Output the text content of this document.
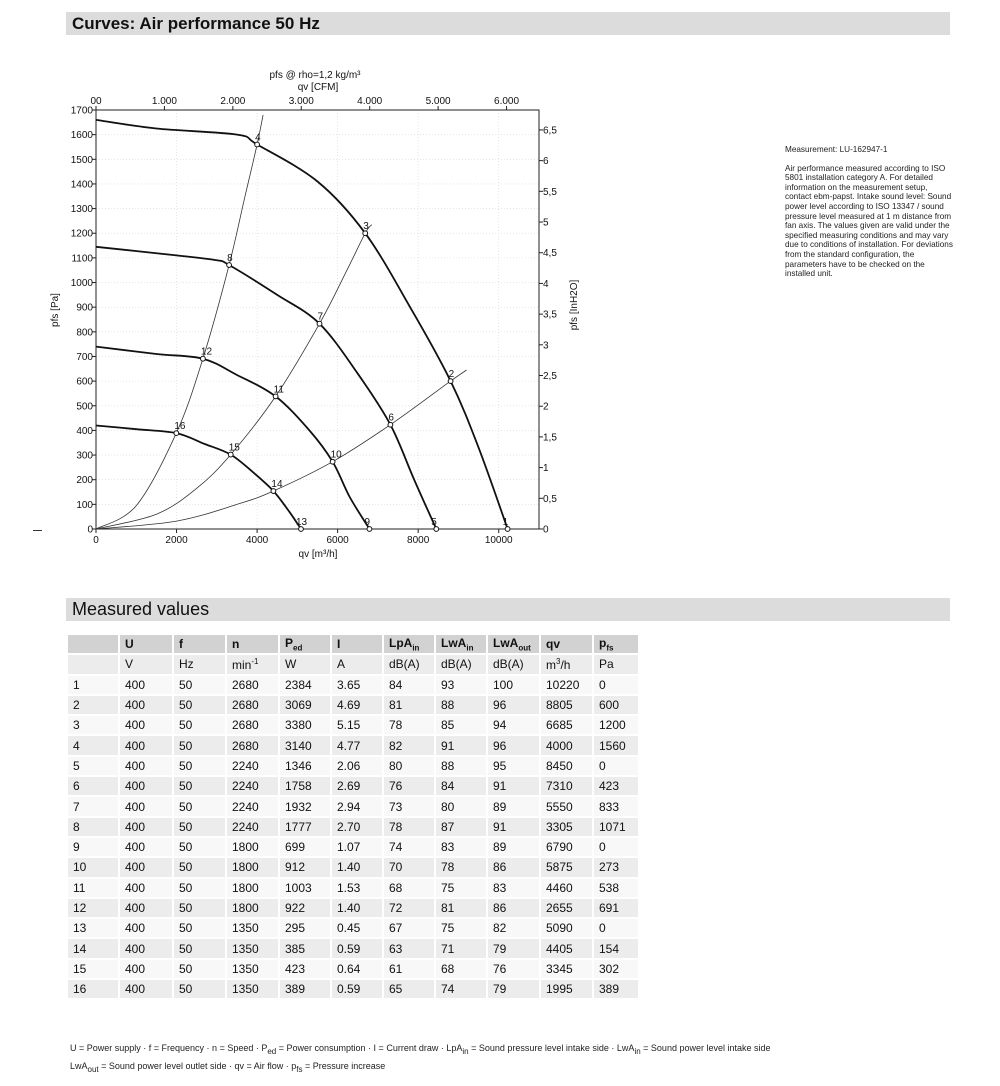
Curves: Air performance 50 Hz
0	2000	4000	6000	8000	10000
0
100
200
300
400
500
600
700
800
900
1000
1100
1200
1300
1400
1500
1600
1700
00	1.000	2.000	3.000	4.000	5.000	6.000
0
0,5
1
1,5
2
2,5
3
3,5
4
4,5
5
5,5
6
6,5
qv [m³/h]
qv [CFM]
pfs @ rho=1,2 kg/m³
pfs [Pa]	pfs [InH2O]
1
2
3
4
5
6
7
8
9
10
11
12
13
14
15
16

Measurement: LU-162947-1

Air performance measured according to ISO 5801 installation category A. For detailed information on the measurement setup, contact ebm-papst. Intake sound level: Sound power level according to ISO 13347 / sound pressure level measured at 1 m distance from fan axis. The values given are valid under the specified measuring conditions and may vary due to conditions of installation. For deviations from the standard configuration, the parameters have to be checked on the installed unit.

Measured values
	U	f	n	$P_{ed}$	I	LpA$_{in}$	LwA$_{in}$	LwA$_{out}$	qv	$p_{fs}$
	V	Hz	$\min^{-1}$	W	A	dB(A)	dB(A)	dB(A)	$m^3/h$	Pa
1	400	50	2680	2384	3.65	84	93	100	10220	0
2	400	50	2680	3069	4.69	81	88	96	8805	600
3	400	50	2680	3380	5.15	78	85	94	6685	1200
4	400	50	2680	3140	4.77	82	91	96	4000	1560
5	400	50	2240	1346	2.06	80	88	95	8450	0
6	400	50	2240	1758	2.69	76	84	91	7310	423
7	400	50	2240	1932	2.94	73	80	89	5550	833
8	400	50	2240	1777	2.70	78	87	91	3305	1071
9	400	50	1800	699	1.07	74	83	89	6790	0
10	400	50	1800	912	1.40	70	78	86	5875	273
11	400	50	1800	1003	1.53	68	75	83	4460	538
12	400	50	1800	922	1.40	72	81	86	2655	691
13	400	50	1350	295	0.45	67	75	82	5090	0
14	400	50	1350	385	0.59	63	71	79	4405	154
15	400	50	1350	423	0.64	61	68	76	3345	302
16	400	50	1350	389	0.59	65	74	79	1995	389
U = Power supply · f = Frequency · n = Speed · $P_{ed}$ = Power consumption · I = Current draw · LpA$_{in}$ = Sound pressure level intake side · LwA$_{in}$ = Sound power level intake side
LwA$_{out}$ = Sound power level outlet side · qv = Air flow · $p_{fs}$ = Pressure increase
